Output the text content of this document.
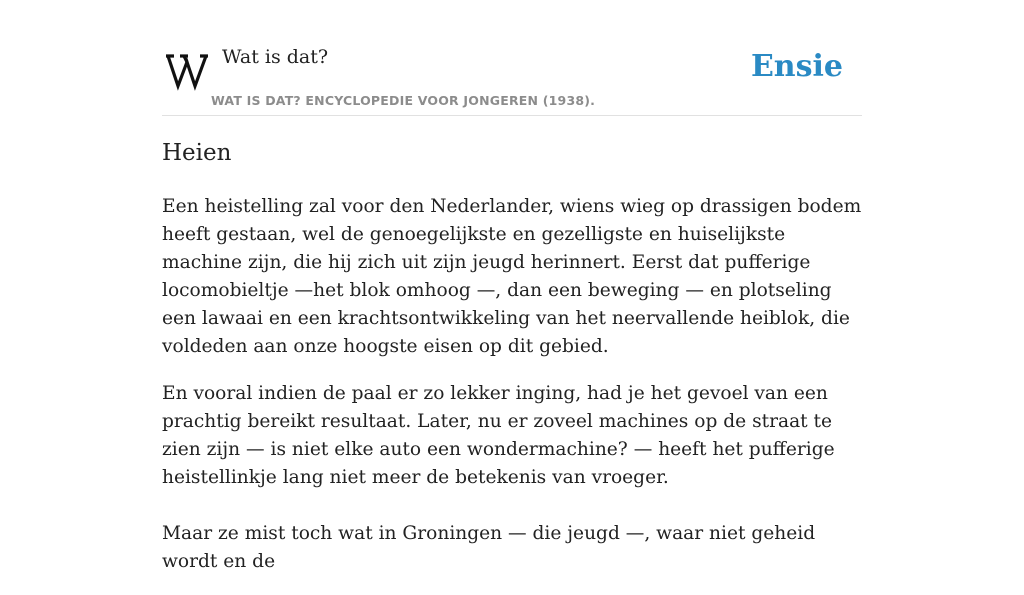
Wat is dat?
WAT IS DAT? ENCYCLOPEDIE VOOR JONGEREN (1938).
Ensie
Heien

Een heistelling zal voor den Nederlander, wiens wieg op drassigen bodem heeft gestaan, wel de genoegelijkste en gezelligste en huiselijkste machine zijn, die hij zich uit zijn jeugd herinnert. Eerst dat pufferige locomobieltje —het blok omhoog —, dan een beweging — en plotseling een lawaai en een krachtsontwikkeling van het neervallende heiblok, die voldeden aan onze hoogste eisen op dit gebied.

En vooral indien de paal er zo lekker inging, had je het gevoel van een prachtig bereikt resultaat. Later, nu er zoveel machines op de straat te zien zijn — is niet elke auto een wondermachine? — heeft het pufferige heistellinkje lang niet meer de betekenis van vroeger.

Maar ze mist toch wat in Groningen — die jeugd —, waar niet geheid wordt en de
